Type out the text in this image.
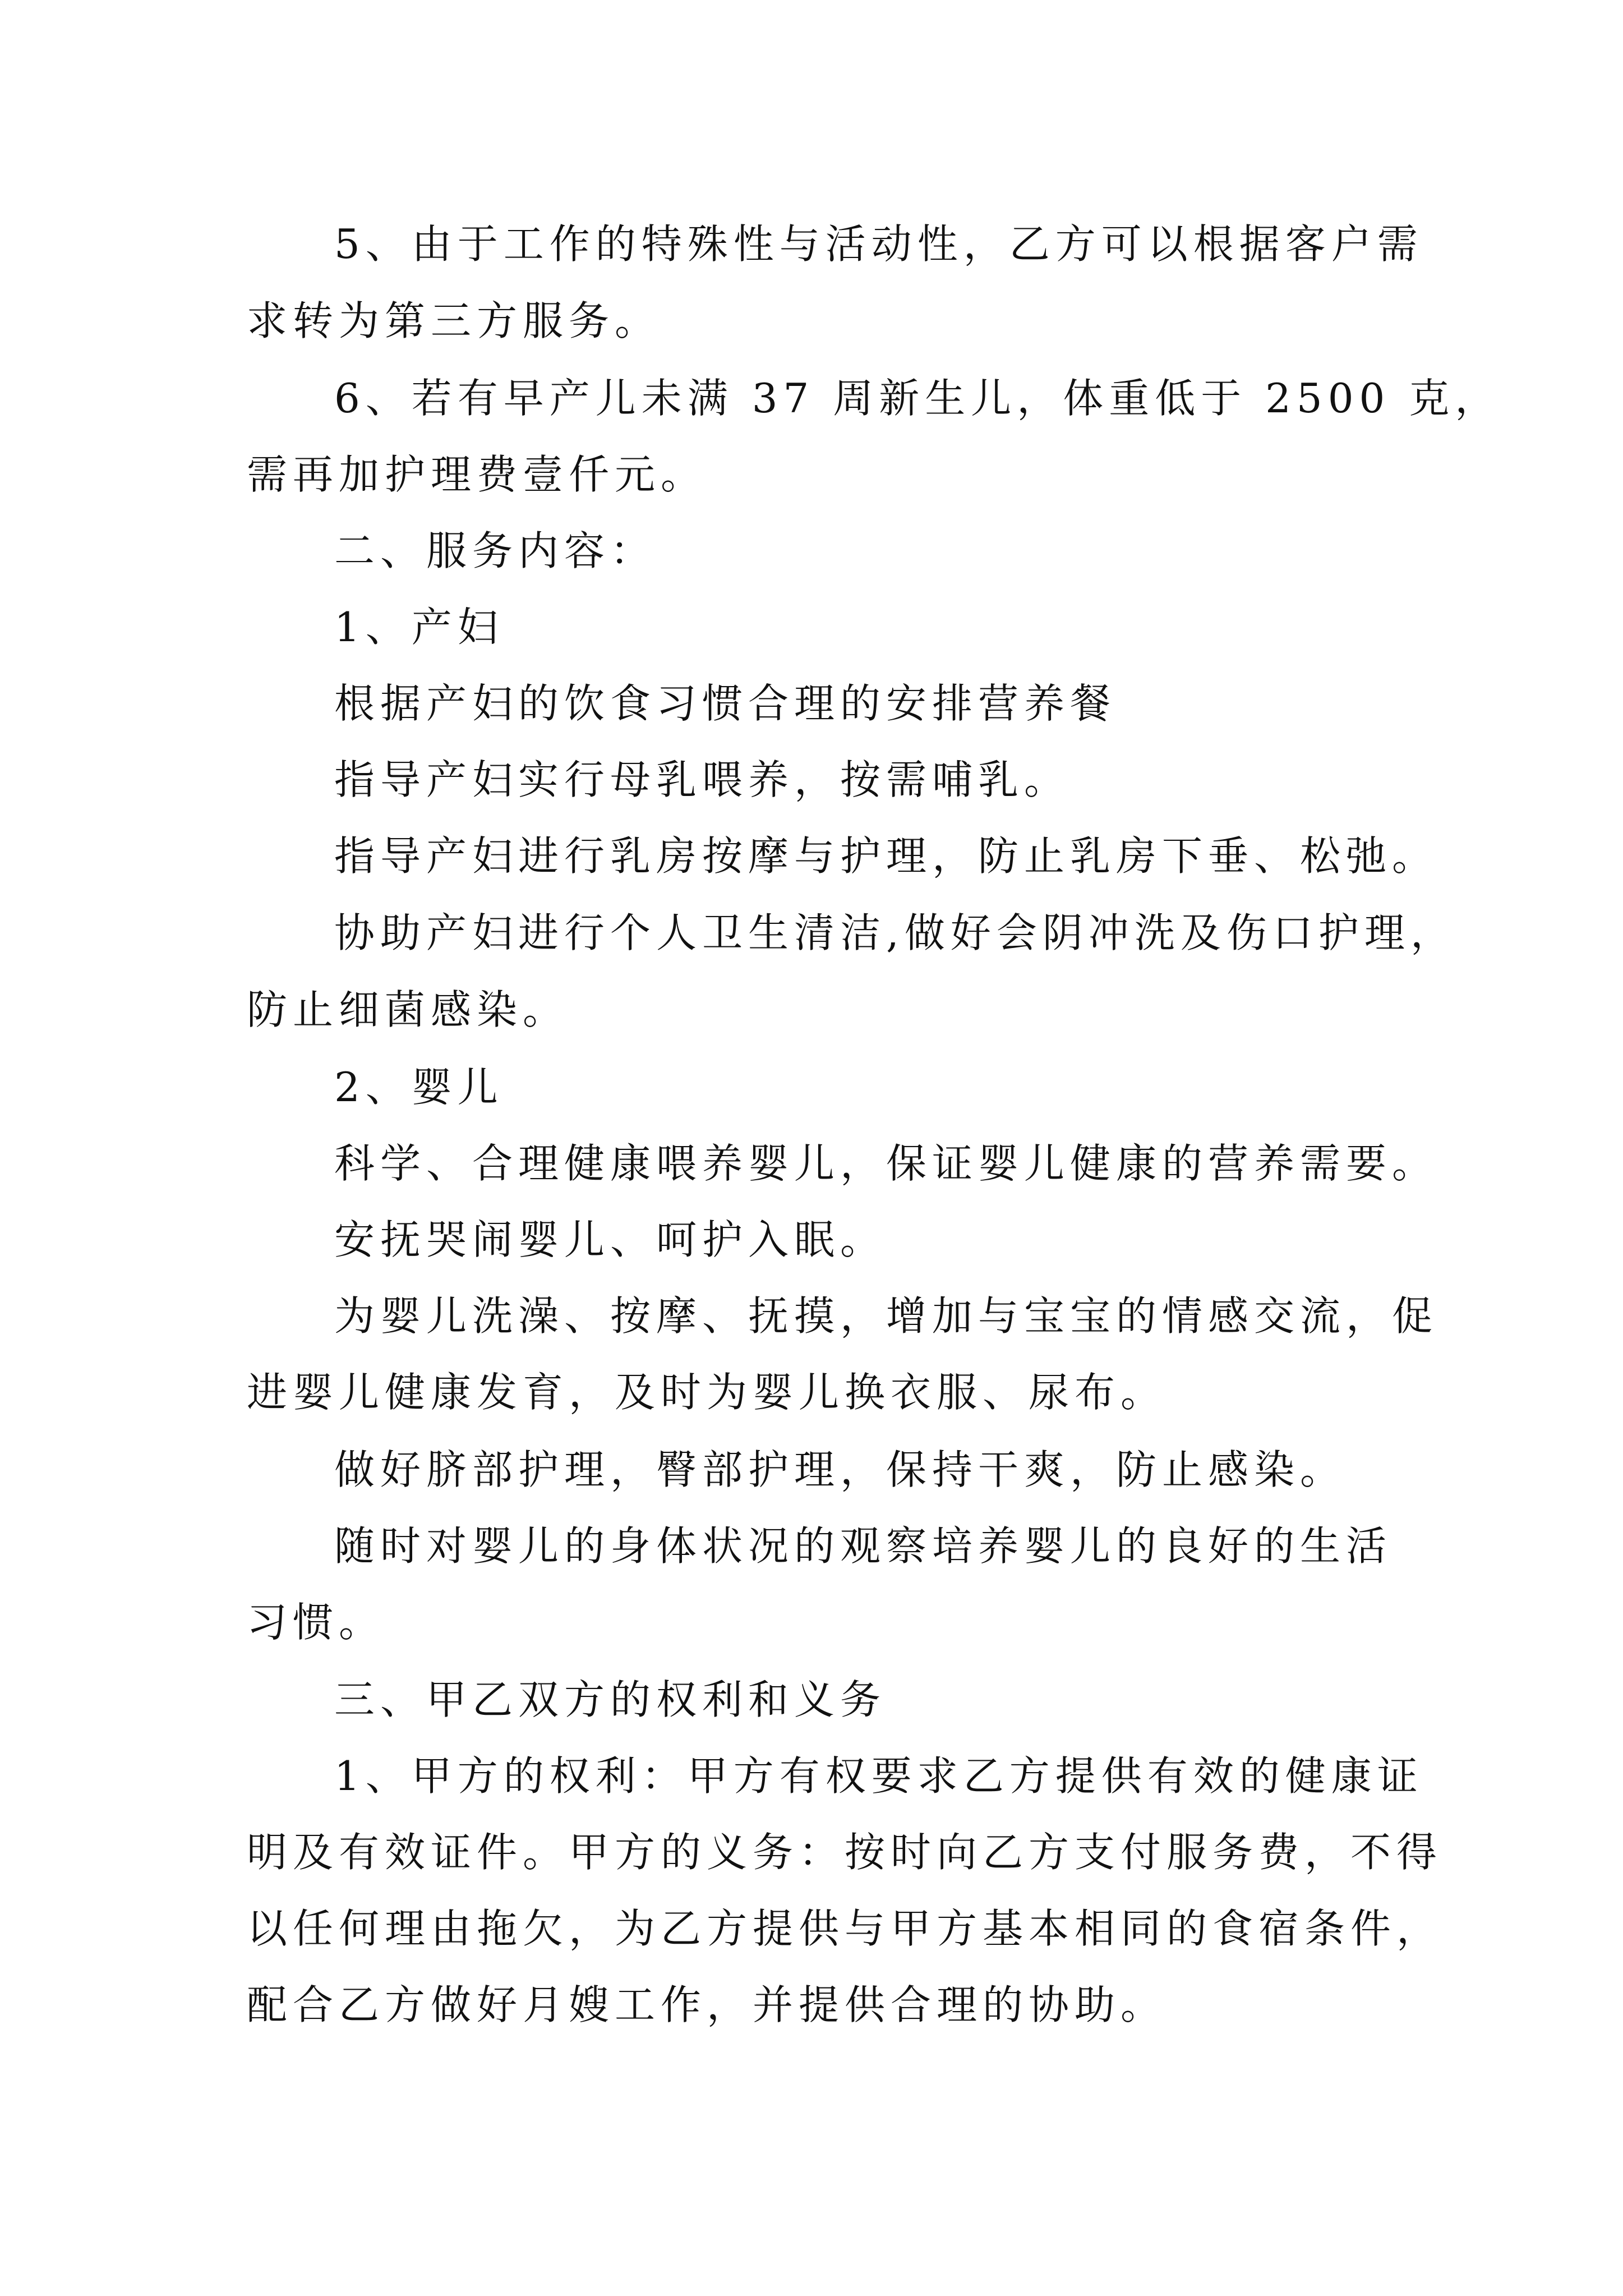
5、由于工作的特殊性与活动性，乙方可以根据客户需
求转为第三方服务。
6、若有早产儿未满 37 周新生儿，体重低于 2500 克，
需再加护理费壹仟元。
二、服务内容：
1、产妇
根据产妇的饮食习惯合理的安排营养餐
指导产妇实行母乳喂养，按需哺乳。
指导产妇进行乳房按摩与护理，防止乳房下垂、松弛。
协助产妇进行个人卫生清洁,做好会阴冲洗及伤口护理，
防止细菌感染。
2、婴儿
科学、合理健康喂养婴儿，保证婴儿健康的营养需要。
安抚哭闹婴儿、呵护入眠。
为婴儿洗澡、按摩、抚摸，增加与宝宝的情感交流，促
进婴儿健康发育，及时为婴儿换衣服、尿布。
做好脐部护理，臀部护理，保持干爽，防止感染。
随时对婴儿的身体状况的观察培养婴儿的良好的生活
习惯。
三、甲乙双方的权利和义务
1、甲方的权利：甲方有权要求乙方提供有效的健康证
明及有效证件。甲方的义务：按时向乙方支付服务费，不得
以任何理由拖欠，为乙方提供与甲方基本相同的食宿条件，
配合乙方做好月嫂工作，并提供合理的协助。
